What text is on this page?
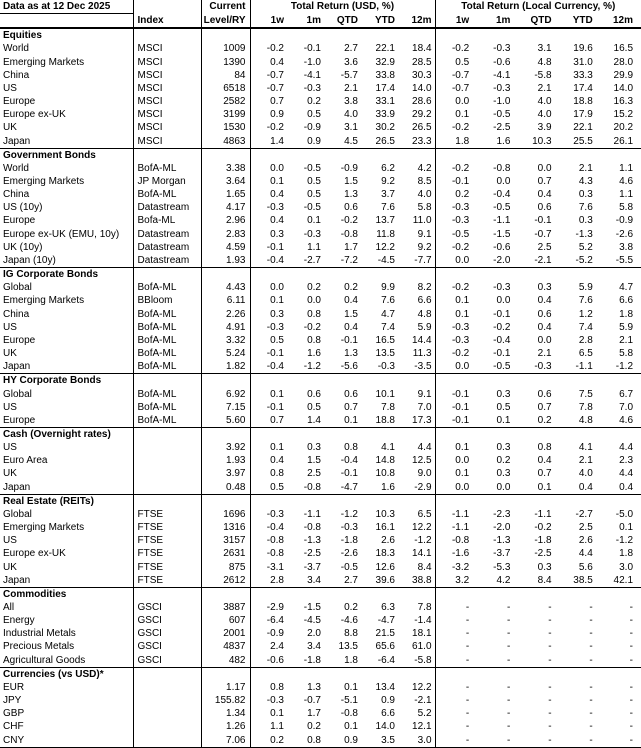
Data as at 12 Dec 2025		Current	Total Return (USD, %)					Total Return (Local Currency, %)				
	Index	Level/RY	1w	1m	QTD	YTD	12m	1w	1m	QTD	YTD	12m
Equities												
World	MSCI	1009	-0.2	-0.1	2.7	22.1	18.4	-0.2	-0.3	3.1	19.6	16.5
Emerging Markets	MSCI	1390	0.4	-1.0	3.6	32.9	28.5	0.5	-0.6	4.8	31.0	28.0
China	MSCI	84	-0.7	-4.1	-5.7	33.8	30.3	-0.7	-4.1	-5.8	33.3	29.9
US	MSCI	6518	-0.7	-0.3	2.1	17.4	14.0	-0.7	-0.3	2.1	17.4	14.0
Europe	MSCI	2582	0.7	0.2	3.8	33.1	28.6	0.0	-1.0	4.0	18.8	16.3
Europe ex-UK	MSCI	3199	0.9	0.5	4.0	33.9	29.2	0.1	-0.5	4.0	17.9	15.2
UK	MSCI	1530	-0.2	-0.9	3.1	30.2	26.5	-0.2	-2.5	3.9	22.1	20.2
Japan	MSCI	4863	1.4	0.9	4.5	26.5	23.3	1.8	1.6	10.3	25.5	26.1
Government Bonds												
World	BofA-ML	3.38	0.0	-0.5	-0.9	6.2	4.2	-0.2	-0.8	0.0	2.1	1.1
Emerging Markets	JP Morgan	3.64	0.1	0.5	1.5	9.2	8.5	-0.1	0.0	0.7	4.3	4.6
China	BofA-ML	1.65	0.4	0.5	1.3	3.7	4.0	0.2	-0.4	0.4	0.3	1.1
US (10y)	Datastream	4.17	-0.3	-0.5	0.6	7.6	5.8	-0.3	-0.5	0.6	7.6	5.8
Europe	Bofa-ML	2.96	0.4	0.1	-0.2	13.7	11.0	-0.3	-1.1	-0.1	0.3	-0.9
Europe ex-UK (EMU, 10y)	Datastream	2.83	0.3	-0.3	-0.8	11.8	9.1	-0.5	-1.5	-0.7	-1.3	-2.6
UK (10y)	Datastream	4.59	-0.1	1.1	1.7	12.2	9.2	-0.2	-0.6	2.5	5.2	3.8
Japan (10y)	Datastream	1.93	-0.4	-2.7	-7.2	-4.5	-7.7	0.0	-2.0	-2.1	-5.2	-5.5
IG Corporate Bonds												
Global	BofA-ML	4.43	0.0	0.2	0.2	9.9	8.2	-0.2	-0.3	0.3	5.9	4.7
Emerging Markets	BBloom	6.11	0.1	0.0	0.4	7.6	6.6	0.1	0.0	0.4	7.6	6.6
China	BofA-ML	2.26	0.3	0.8	1.5	4.7	4.8	0.1	-0.1	0.6	1.2	1.8
US	BofA-ML	4.91	-0.3	-0.2	0.4	7.4	5.9	-0.3	-0.2	0.4	7.4	5.9
Europe	BofA-ML	3.32	0.5	0.8	-0.1	16.5	14.4	-0.3	-0.4	0.0	2.8	2.1
UK	BofA-ML	5.24	-0.1	1.6	1.3	13.5	11.3	-0.2	-0.1	2.1	6.5	5.8
Japan	BofA-ML	1.82	-0.4	-1.2	-5.6	-0.3	-3.5	0.0	-0.5	-0.3	-1.1	-1.2
HY Corporate Bonds												
Global	BofA-ML	6.92	0.1	0.6	0.6	10.1	9.1	-0.1	0.3	0.6	7.5	6.7
US	BofA-ML	7.15	-0.1	0.5	0.7	7.8	7.0	-0.1	0.5	0.7	7.8	7.0
Europe	BofA-ML	5.60	0.7	1.4	0.1	18.8	17.3	-0.1	0.1	0.2	4.8	4.6
Cash (Overnight rates)												
US		3.92	0.1	0.3	0.8	4.1	4.4	0.1	0.3	0.8	4.1	4.4
Euro Area		1.93	0.4	1.5	-0.4	14.8	12.5	0.0	0.2	0.4	2.1	2.3
UK		3.97	0.8	2.5	-0.1	10.8	9.0	0.1	0.3	0.7	4.0	4.4
Japan		0.48	0.5	-0.8	-4.7	1.6	-2.9	0.0	0.0	0.1	0.4	0.4
Real Estate (REITs)												
Global	FTSE	1696	-0.3	-1.1	-1.2	10.3	6.5	-1.1	-2.3	-1.1	-2.7	-5.0
Emerging Markets	FTSE	1316	-0.4	-0.8	-0.3	16.1	12.2	-1.1	-2.0	-0.2	2.5	0.1
US	FTSE	3157	-0.8	-1.3	-1.8	2.6	-1.2	-0.8	-1.3	-1.8	2.6	-1.2
Europe ex-UK	FTSE	2631	-0.8	-2.5	-2.6	18.3	14.1	-1.6	-3.7	-2.5	4.4	1.8
UK	FTSE	875	-3.1	-3.7	-0.5	12.6	8.4	-3.2	-5.3	0.3	5.6	3.0
Japan	FTSE	2612	2.8	3.4	2.7	39.6	38.8	3.2	4.2	8.4	38.5	42.1
Commodities												
All	GSCI	3887	-2.9	-1.5	0.2	6.3	7.8	-	-	-	-	-
Energy	GSCI	607	-6.4	-4.5	-4.6	-4.7	-1.4	-	-	-	-	-
Industrial Metals	GSCI	2001	-0.9	2.0	8.8	21.5	18.1	-	-	-	-	-
Precious Metals	GSCI	4837	2.4	3.4	13.5	65.6	61.0	-	-	-	-	-
Agricultural Goods	GSCI	482	-0.6	-1.8	1.8	-6.4	-5.8	-	-	-	-	-
Currencies (vs USD)*												
EUR		1.17	0.8	1.3	0.1	13.4	12.2	-	-	-	-	-
JPY		155.82	-0.3	-0.7	-5.1	0.9	-2.1	-	-	-	-	-
GBP		1.34	0.1	1.7	-0.8	6.6	5.2	-	-	-	-	-
CHF		1.26	1.1	0.2	0.1	14.0	12.1	-	-	-	-	-
CNY		7.06	0.2	0.8	0.9	3.5	3.0	-	-	-	-	-
